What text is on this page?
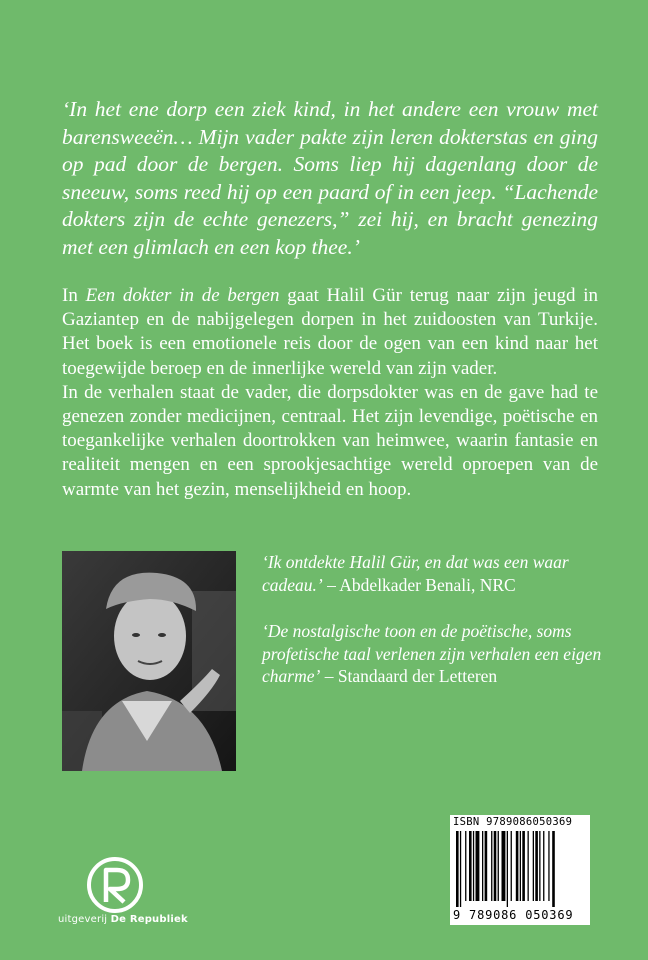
‘In het ene dorp een ziek kind, in het andere een vrouw met barensweeën… Mijn vader pakte zijn leren dokterstas en ging op pad door de bergen. Soms liep hij dagenlang door de sneeuw, soms reed hij op een paard of in een jeep. “Lachende dokters zijn de echte genezers,” zei hij, en bracht genezing met een glimlach en een kop thee.’

In Een dokter in de bergen gaat Halil Gür terug naar zijn jeugd in Gaziantep en de nabijgelegen dorpen in het zuidoosten van Turkije. Het boek is een emotionele reis door de ogen van een kind naar het toegewijde beroep en de innerlijke wereld van zijn vader.
In de verhalen staat de vader, die dorpsdokter was en de gave had te genezen zonder medicijnen, centraal. Het zijn levendige, poëtische en toegankelijke verhalen doortrokken van heimwee, waarin fantasie en realiteit mengen en een sprookjesachtige wereld oproepen van de warmte van het gezin, menselijkheid en hoop.

‘Ik ontdekte Halil Gür, en dat was een waar cadeau.’ – Abdelkader Benali, NRC

‘De nostalgische toon en de poëtische, soms profetische taal verlenen zijn verhalen een eigen charme’ – Standaard der Letteren

ISBN 9789086050369
9 789086 050369
uitgeverij De Republiek
